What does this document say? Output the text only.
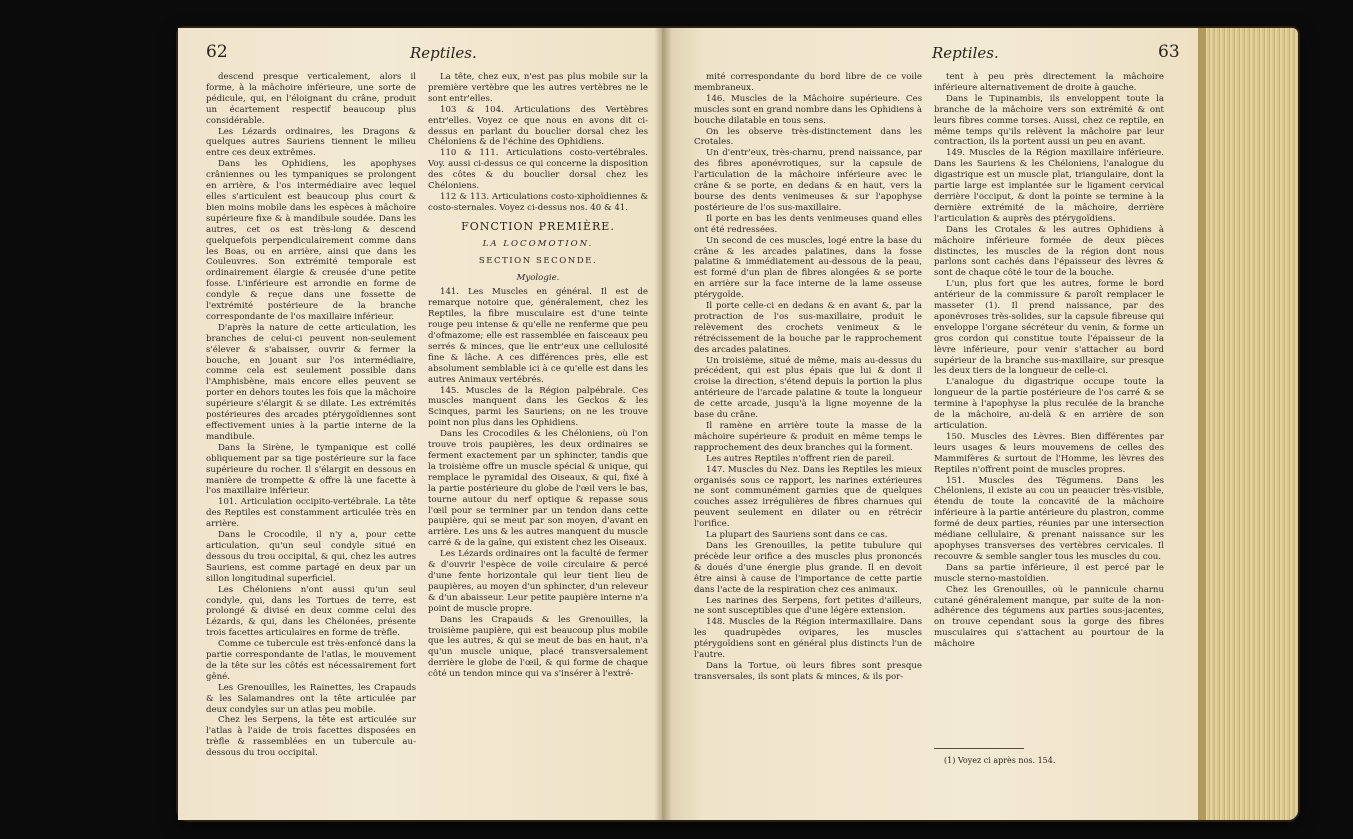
62	Reptiles.

descend presque verticalement, alors il forme, à la mâchoire inférieure, une sorte de pédicule, qui, en l'éloignant du crâne, produit un écartement respectif beaucoup plus considérable.

Les Lézards ordinaires, les Dragons & quelques autres Sauriens tiennent le milieu entre ces deux extrêmes.

Dans les Ophidiens, les apophyses crâniennes ou les tympaniques se prolongent en arrière, & l'os intermédiaire avec lequel elles s'articulent est beaucoup plus court & bien moins mobile dans les espèces à mâchoire supérieure fixe & à mandibule soudée. Dans les autres, cet os est très-long & descend quelquefois perpendiculairement comme dans les Boas, ou en arrière, ainsi que dans les Couleuvres. Son extrémité temporale est ordinairement élargie & creusée d'une petite fosse. L'inférieure est arrondie en forme de condyle & reçue dans une fossette de l'extrémité postérieure de la branche correspondante de l'os maxillaire inférieur.

D'après la nature de cette articulation, les branches de celui-ci peuvent non-seulement s'élever & s'abaisser, ouvrir & fermer la bouche, en jouant sur l'os intermédiaire, comme cela est seulement possible dans l'Amphisbène, mais encore elles peuvent se porter en dehors toutes les fois que la mâchoire supérieure s'élargit & se dilate. Les extrémités postérieures des arcades ptérygoïdiennes sont effectivement unies à la partie interne de la mandibule.

Dans la Sirène, le tympanique est collé obliquement par sa tige postérieure sur la face supérieure du rocher. Il s'élargit en dessous en manière de trompette & offre là une facette à l'os maxillaire inférieur.

101. Articulation occipito-vertébrale. La tête des Reptiles est constamment articulée très en arrière.

Dans le Crocodile, il n'y a, pour cette articulation, qu'un seul condyle situé en dessous du trou occipital, & qui, chez les autres Sauriens, est comme partagé en deux par un sillon longitudinal superficiel.

Les Chéloniens n'ont aussi qu'un seul condyle, qui, dans les Tortues de terre, est prolongé & divisé en deux comme celui des Lézards, & qui, dans les Chélonées, présente trois facettes articulaires en forme de trèfle.

Comme ce tubercule est très-enfoncé dans la partie correspondante de l'atlas, le mouvement de la tête sur les côtés est nécessairement fort gêné.

Les Grenouilles, les Rainettes, les Crapauds & les Salamandres ont la tête articulée par deux condyles sur un atlas peu mobile.

Chez les Serpens, la tête est articulée sur l'atlas à l'aide de trois facettes disposées en trèfle & rassemblées en un tubercule au-dessous du trou occipital.

La tête, chez eux, n'est pas plus mobile sur la première vertèbre que les autres vertèbres ne le sont entr'elles.

103 & 104. Articulations des Vertèbres entr'elles. Voyez ce que nous en avons dit ci-dessus en parlant du bouclier dorsal chez les Chéloniens & de l'échine des Ophidiens.

110 & 111. Articulations costo-vertébrales. Voy. aussi ci-dessus ce qui concerne la disposition des côtes & du bouclier dorsal chez les Chéloniens.

112 & 113. Articulations costo-xiphoïdiennes & costo-sternales. Voyez ci-dessus nos. 40 & 41.

FONCTION PREMIÈRE.

LA LOCOMOTION.

SECTION SECONDE.

Myologie.

141. Les Muscles en général. Il est de remarque notoire que, généralement, chez les Reptiles, la fibre musculaire est d'une teinte rouge peu intense & qu'elle ne renferme que peu d'ofmazome; elle est rassemblée en faisceaux peu serrés & minces, que lie entr'eux une cellulosité fine & lâche. A ces différences près, elle est absolument semblable ici à ce qu'elle est dans les autres Animaux vertébrés.

145. Muscles de la Région palpébrale. Ces muscles manquent dans les Geckos & les Scinques, parmi les Sauriens; on ne les trouve point non plus dans les Ophidiens.

Dans les Crocodiles & les Chéloniens, où l'on trouve trois paupières, les deux ordinaires se ferment exactement par un sphincter, tandis que la troisième offre un muscle spécial & unique, qui remplace le pyramidal des Oiseaux, & qui, fixé à la partie postérieure du globe de l'œil vers le bas, tourne autour du nerf optique & repasse sous l'œil pour se terminer par un tendon dans cette paupière, qui se meut par son moyen, d'avant en arrière. Les uns & les autres manquent du muscle carré & de la gaîne, qui existent chez les Oiseaux.

Les Lézards ordinaires ont la faculté de fermer & d'ouvrir l'espèce de voile circulaire & percé d'une fente horizontale qui leur tient lieu de paupières, au moyen d'un sphincter, d'un releveur & d'un abaisseur. Leur petite paupière interne n'a point de muscle propre.

Dans les Crapauds & les Grenouilles, la troisième paupière, qui est beaucoup plus mobile que les autres, & qui se meut de bas en haut, n'a qu'un muscle unique, placé transversalement derrière le globe de l'œil, & qui forme de chaque côté un tendon mince qui va s'insérer à l'extré-

Reptiles.	63

mité correspondante du bord libre de ce voile membraneux.

146. Muscles de la Mâchoire supérieure. Ces muscles sont en grand nombre dans les Ophidiens à bouche dilatable en tous sens.

On les observe très-distinctement dans les Crotales.

Un d'entr'eux, très-charnu, prend naissance, par des fibres aponévrotiques, sur la capsule de l'articulation de la mâchoire inférieure avec le crâne & se porte, en dedans & en haut, vers la bourse des dents venimeuses & sur l'apophyse postérieure de l'os sus-maxillaire.

Il porte en bas les dents venimeuses quand elles ont été redressées.

Un second de ces muscles, logé entre la base du crâne & les arcades palatines, dans la fosse palatine & immédiatement au-dessous de la peau, est formé d'un plan de fibres alongées & se porte en arrière sur la face interne de la lame osseuse ptérygoïde.

Il porte celle-ci en dedans & en avant &, par la protraction de l'os sus-maxillaire, produit le relèvement des crochets venimeux & le rétrécissement de la bouche par le rapprochement des arcades palatines.

Un troisième, situé de même, mais au-dessus du précédent, qui est plus épais que lui & dont il croise la direction, s'étend depuis la portion la plus antérieure de l'arcade palatine & toute la longueur de cette arcade, jusqu'à la ligne moyenne de la base du crâne.

Il ramène en arrière toute la masse de la mâchoire supérieure & produit en même temps le rapprochement des deux branches qui la forment.

Les autres Reptiles n'offrent rien de pareil.

147. Muscles du Nez. Dans les Reptiles les mieux organisés sous ce rapport, les narines extérieures ne sont communément garnies que de quelques couches assez irrégulières de fibres charnues qui peuvent seulement en dilater ou en rétrécir l'orifice.

La plupart des Sauriens sont dans ce cas.

Dans les Grenouilles, la petite tubulure qui précède leur orifice a des muscles plus prononcés & doués d'une énergie plus grande. Il en devoit être ainsi à cause de l'importance de cette partie dans l'acte de la respiration chez ces animaux.

Les narines des Serpens, fort petites d'ailleurs, ne sont susceptibles que d'une légère extension.

148. Muscles de la Région intermaxillaire. Dans les quadrupèdes ovipares, les muscles ptérygoïdiens sont en général plus distincts l'un de l'autre.

Dans la Tortue, où leurs fibres sont presque transversales, ils sont plats & minces, & ils por-

tent à peu près directement la mâchoire inférieure alternativement de droite à gauche.

Dans le Tupinambis, ils enveloppent toute la branche de la mâchoire vers son extrémité & ont leurs fibres comme torses. Aussi, chez ce reptile, en même temps qu'ils relèvent la mâchoire par leur contraction, ils la portent aussi un peu en avant.

149. Muscles de la Région maxillaire inférieure. Dans les Sauriens & les Chéloniens, l'analogue du digastrique est un muscle plat, triangulaire, dont la partie large est implantée sur le ligament cervical derrière l'occiput, & dont la pointe se termine à la dernière extrémité de la mâchoire, derrière l'articulation & auprès des ptérygoïdiens.

Dans les Crotales & les autres Ophidiens à mâchoire inférieure formée de deux pièces distinctes, les muscles de la région dont nous parlons sont cachés dans l'épaisseur des lèvres & sont de chaque côté le tour de la bouche.

L'un, plus fort que les autres, forme le bord antérieur de la commissure & paroît remplacer le masseter (1). Il prend naissance, par des aponévroses très-solides, sur la capsule fibreuse qui enveloppe l'organe sécréteur du venin, & forme un gros cordon qui constitue toute l'épaisseur de la lèvre inférieure, pour venir s'attacher au bord supérieur de la branche sus-maxillaire, sur presque les deux tiers de la longueur de celle-ci.

L'analogue du digastrique occupe toute la longueur de la partie postérieure de l'os carré & se termine à l'apophyse la plus reculée de la branche de la mâchoire, au-delà & en arrière de son articulation.

150. Muscles des Lèvres. Bien différentes par leurs usages & leurs mouvemens de celles des Mammifères & surtout de l'Homme, les lèvres des Reptiles n'offrent point de muscles propres.

151. Muscles des Tégumens. Dans les Chéloniens, il existe au cou un peaucier très-visible, étendu de toute la concavité de la mâchoire inférieure à la partie antérieure du plastron, comme formé de deux parties, réunies par une intersection médiane cellulaire, & prenant naissance sur les apophyses transverses des vertèbres cervicales. Il recouvre & semble sangler tous les muscles du cou.

Dans sa partie inférieure, il est percé par le muscle sterno-mastoïdien.

Chez les Grenouilles, où le pannicule charnu cutané généralement manque, par suite de la non-adhérence des tégumens aux parties sous-jacentes, on trouve cependant sous la gorge des fibres musculaires qui s'attachent au pourtour de la mâchoire

(1) Voyez ci après nos. 154.
